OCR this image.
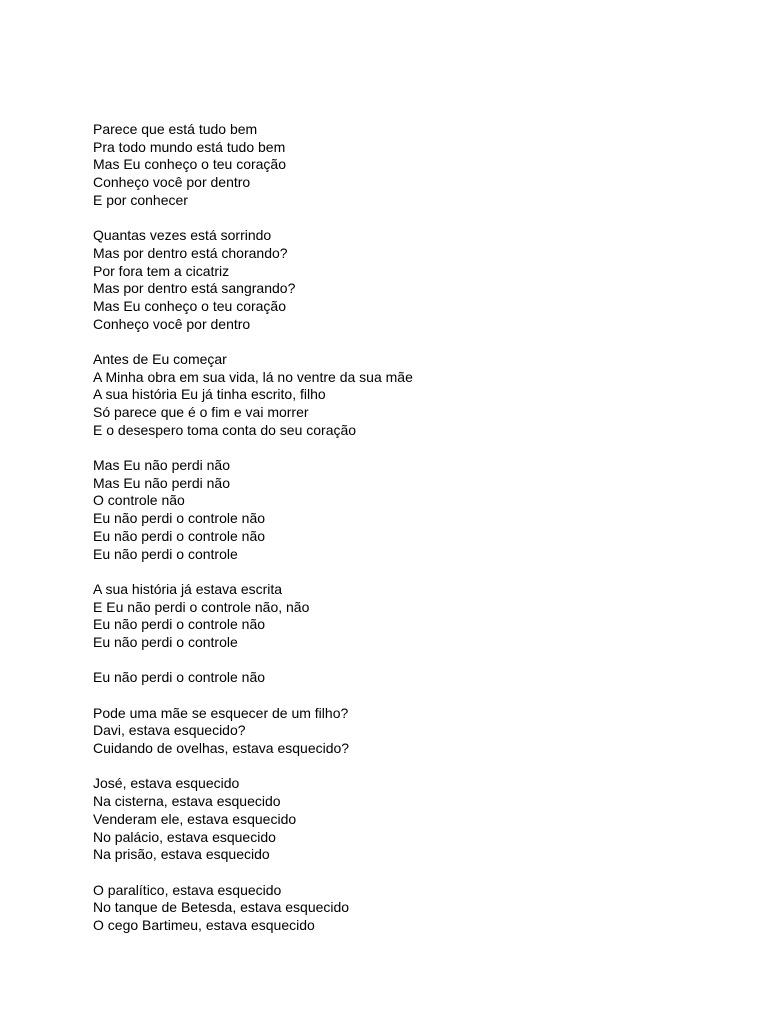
Parece que está tudo bem
Pra todo mundo está tudo bem
Mas Eu conheço o teu coração
Conheço você por dentro
E por conhecer
Quantas vezes está sorrindo
Mas por dentro está chorando?
Por fora tem a cicatriz
Mas por dentro está sangrando?
Mas Eu conheço o teu coração
Conheço você por dentro
Antes de Eu começar
A Minha obra em sua vida, lá no ventre da sua mãe
A sua história Eu já tinha escrito, filho
Só parece que é o fim e vai morrer
E o desespero toma conta do seu coração
Mas Eu não perdi não
Mas Eu não perdi não
O controle não
Eu não perdi o controle não
Eu não perdi o controle não
Eu não perdi o controle
A sua história já estava escrita
E Eu não perdi o controle não, não
Eu não perdi o controle não
Eu não perdi o controle
Eu não perdi o controle não
Pode uma mãe se esquecer de um filho?
Davi, estava esquecido?
Cuidando de ovelhas, estava esquecido?
José, estava esquecido
Na cisterna, estava esquecido
Venderam ele, estava esquecido
No palácio, estava esquecido
Na prisão, estava esquecido
O paralítico, estava esquecido
No tanque de Betesda, estava esquecido
O cego Bartimeu, estava esquecido
